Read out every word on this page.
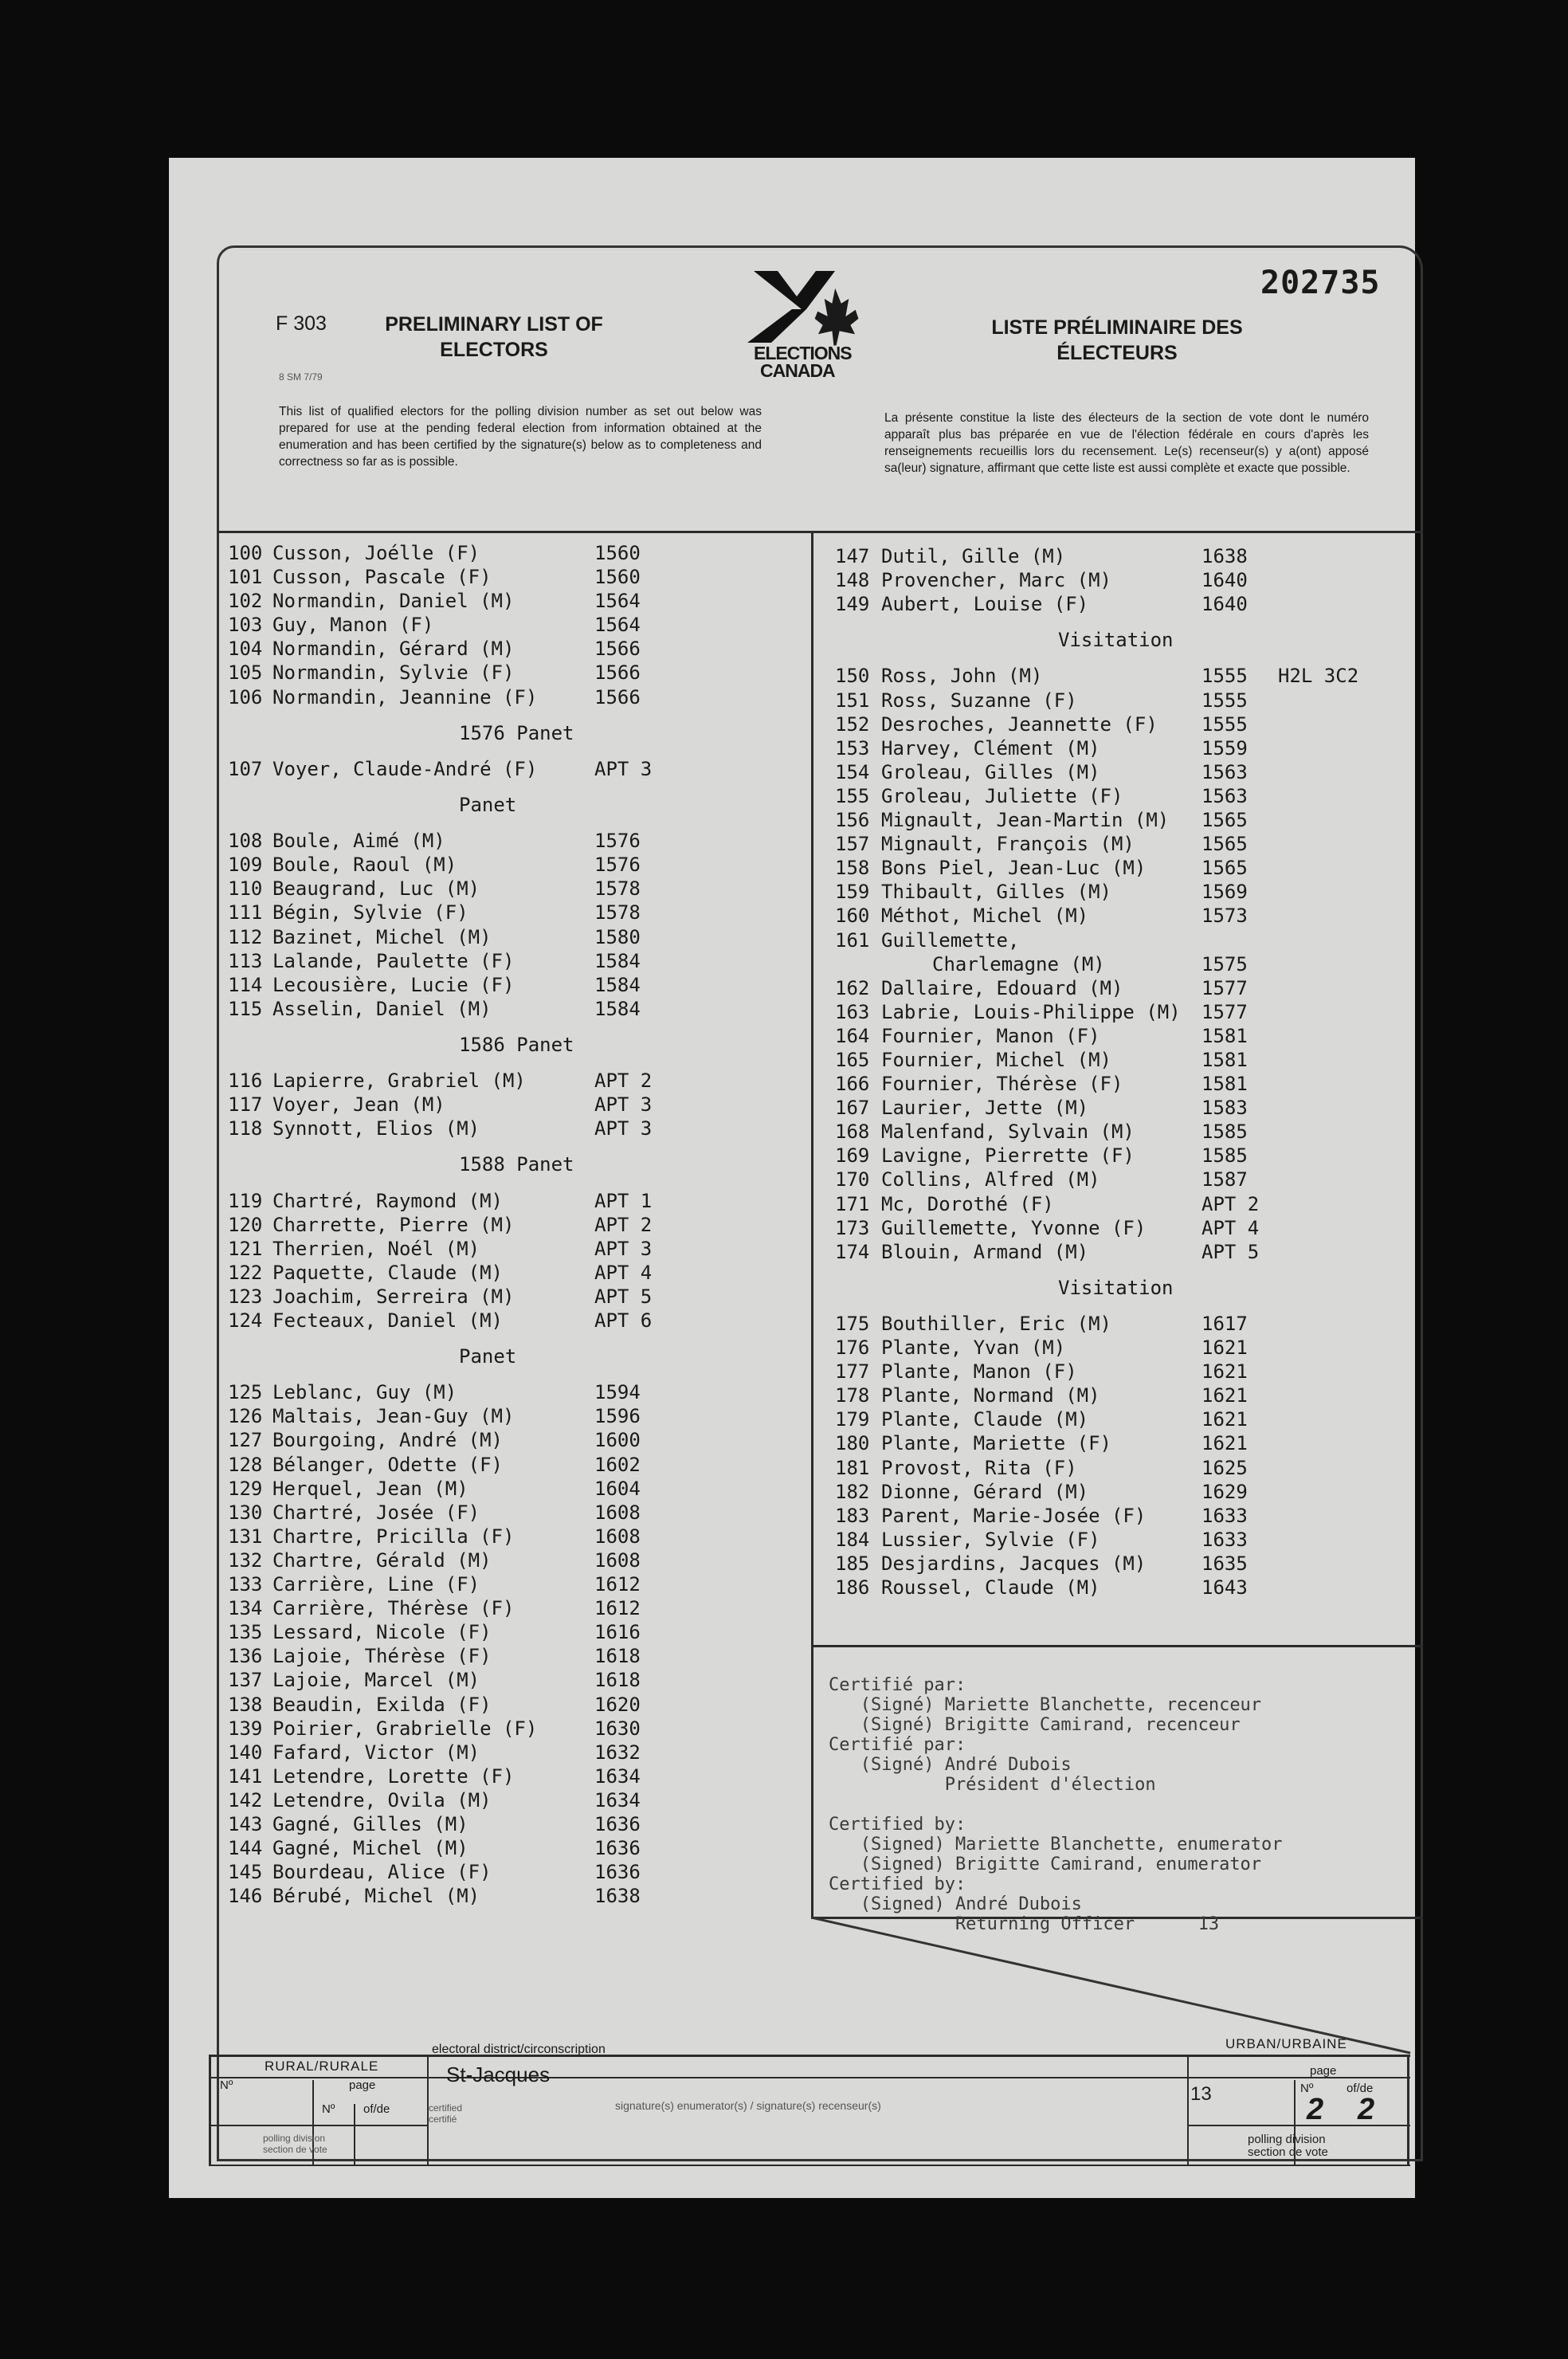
202735
F 303
8 SM 7/79
PRELIMINARY LIST OF ELECTORS
LISTE PRÉLIMINAIRE DES ÉLECTEURS
ELECTIONS
CANADA
This list of qualified electors for the polling division number as set out below was prepared for use at the pending federal election from information obtained at the enumeration and has been certified by the signature(s) below as to completeness and correctness so far as is possible.
La présente constitue la liste des électeurs de la section de vote dont le numéro apparaît plus bas préparée en vue de l'élection fédérale en cours d'après les renseignements recueillis lors du recensement. Le(s) recenseur(s) y a(ont) apposé sa(leur) signature, affirmant que cette liste est aussi complète et exacte que possible.
100 Cusson, Joélle (F)	1560
101 Cusson, Pascale (F)	1560
102 Normandin, Daniel (M)	1564
103 Guy, Manon (F)	1564
104 Normandin, Gérard (M)	1566
105 Normandin, Sylvie (F)	1566
106 Normandin, Jeannine (F)	1566
1576 Panet
107 Voyer, Claude-André (F)	APT 3
Panet
108 Boule, Aimé (M)	1576
109 Boule, Raoul (M)	1576
110 Beaugrand, Luc (M)	1578
111 Bégin, Sylvie (F)	1578
112 Bazinet, Michel (M)	1580
113 Lalande, Paulette (F)	1584
114 Lecousière, Lucie (F)	1584
115 Asselin, Daniel (M)	1584
1586 Panet
116 Lapierre, Grabriel (M)	APT 2
117 Voyer, Jean (M)	APT 3
118 Synnott, Elios (M)	APT 3
1588 Panet
119 Chartré, Raymond (M)	APT 1
120 Charrette, Pierre (M)	APT 2
121 Therrien, Noél (M)	APT 3
122 Paquette, Claude (M)	APT 4
123 Joachim, Serreira (M)	APT 5
124 Fecteaux, Daniel (M)	APT 6
Panet
125 Leblanc, Guy (M)	1594
126 Maltais, Jean-Guy (M)	1596
127 Bourgoing, André (M)	1600
128 Bélanger, Odette (F)	1602
129 Herquel, Jean (M)	1604
130 Chartré, Josée (F)	1608
131 Chartre, Pricilla (F)	1608
132 Chartre, Gérald (M)	1608
133 Carrière, Line (F)	1612
134 Carrière, Thérèse (F)	1612
135 Lessard, Nicole (F)	1616
136 Lajoie, Thérèse (F)	1618
137 Lajoie, Marcel (M)	1618
138 Beaudin, Exilda (F)	1620
139 Poirier, Grabrielle (F)	1630
140 Fafard, Victor (M)	1632
141 Letendre, Lorette (F)	1634
142 Letendre, Ovila (M)	1634
143 Gagné, Gilles (M)	1636
144 Gagné, Michel (M)	1636
145 Bourdeau, Alice (F)	1636
146 Bérubé, Michel (M)	1638
147 Dutil, Gille (M)	1638
148 Provencher, Marc (M)	1640
149 Aubert, Louise (F)	1640
Visitation
150 Ross, John (M)	1555 H2L 3C2
151 Ross, Suzanne (F)	1555
152 Desroches, Jeannette (F) 1555
153 Harvey, Clément (M)	1559
154 Groleau, Gilles (M)	1563
155 Groleau, Juliette (F)	1563
156 Mignault, Jean-Martin (M) 1565
157 Mignault, François (M)	1565
158 Bons Piel, Jean-Luc (M)	1565
159 Thibault, Gilles (M)	1569
160 Méthot, Michel (M)	1573
161 Guillemette,
Charlemagne (M)	1575
162 Dallaire, Edouard (M)	1577
163 Labrie, Louis-Philippe (M) 1577
164 Fournier, Manon (F)	1581
165 Fournier, Michel (M)	1581
166 Fournier, Thérèse (F)	1581
167 Laurier, Jette (M)	1583
168 Malenfand, Sylvain (M)	1585
169 Lavigne, Pierrette (F)	1585
170 Collins, Alfred (M)	1587
171 Mc, Dorothé (F)	APT 2
173 Guillemette, Yvonne (F)	APT 4
174 Blouin, Armand (M)	APT 5
Visitation
175 Bouthiller, Eric (M)	1617
176 Plante, Yvan (M)	1621
177 Plante, Manon (F)	1621
178 Plante, Normand (M)	1621
179 Plante, Claude (M)	1621
180 Plante, Mariette (F)	1621
181 Provost, Rita (F)	1625
182 Dionne, Gérard (M)	1629
183 Parent, Marie-Josée (F)	1633
184 Lussier, Sylvie (F)	1633
185 Desjardins, Jacques (M)	1635
186 Roussel, Claude (M)	1643
Certifié par:
(Signé) Mariette Blanchette, recenceur
(Signé) Brigitte Camirand, recenceur
Certifié par:
(Signé) André Dubois
Président d'élection

Certified by:
(Signed) Mariette Blanchette, enumerator
(Signed) Brigitte Camirand, enumerator
Certified by:
(Signed) André Dubois
Returning Officer      13
RURAL/RURALE
electoral district/circonscription
St-Jacques
URBAN/URBAINE
Nº	page
Nº of/de	certified
certifié
signature(s) enumerator(s) / signature(s) recenseur(s)
polling division
section de vote
page
13	Nº	of/de
2 2
polling division
section de vote
